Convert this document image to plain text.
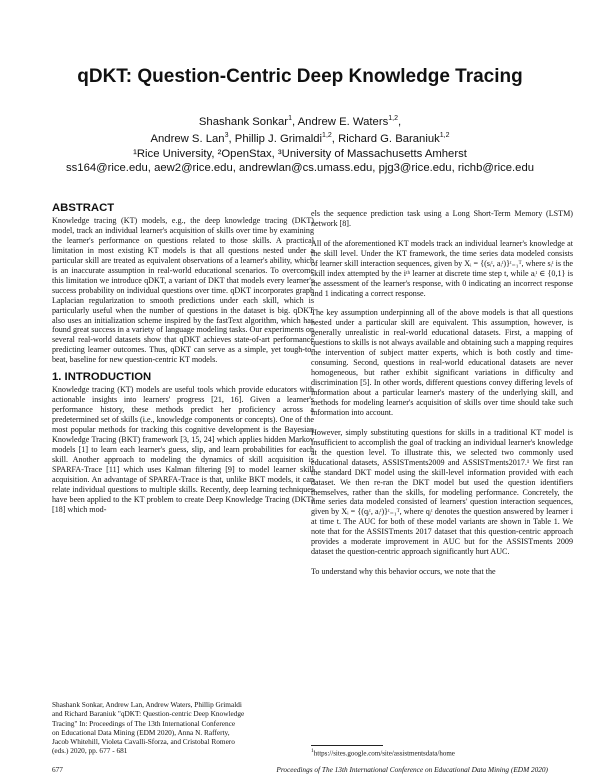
qDKT: Question-Centric Deep Knowledge Tracing
Shashank Sonkar$^1$, Andrew E. Waters$^{1,2}$,
Andrew S. Lan$^3$, Phillip J. Grimaldi$^{1,2}$, Richard G. Baraniuk$^{1,2}$
¹Rice University, ²OpenStax, ³University of Massachusetts Amherst
ss164@rice.edu, aew2@rice.edu, andrewlan@cs.umass.edu, pjg3@rice.edu, richb@rice.edu
ABSTRACT

Knowledge tracing (KT) models, e.g., the deep knowledge tracing (DKT) model, track an individual learner's acquisition of skills over time by examining the learner's performance on questions related to those skills. A practical limitation in most existing KT models is that all questions nested under a particular skill are treated as equivalent observations of a learner's ability, which is an inaccurate assumption in real-world educational scenarios. To overcome this limitation we introduce qDKT, a variant of DKT that models every learner's success probability on individual questions over time. qDKT incorporates graph Laplacian regularization to smooth predictions under each skill, which is particularly useful when the number of questions in the dataset is big. qDKT also uses an initialization scheme inspired by the fastText algorithm, which has found great success in a variety of language modeling tasks. Our experiments on several real-world datasets show that qDKT achieves state-of-art performance predicting learner outcomes. Thus, qDKT can serve as a simple, yet tough-to-beat, baseline for new question-centric KT models.

1. INTRODUCTION

Knowledge tracing (KT) models are useful tools which provide educators with actionable insights into learners' progress [21, 16]. Given a learner's performance history, these methods predict her proficiency across a predetermined set of skills (i.e., knowledge components or concepts). One of the most popular methods for tracking this cognitive development is the Bayesian Knowledge Tracing (BKT) framework [3, 15, 24] which applies hidden Markov models [1] to learn each learner's guess, slip, and learn probabilities for each skill. Another approach to modeling the dynamics of skill acquisition is SPARFA-Trace [11] which uses Kalman filtering [9] to model learner skill acquisition. An advantage of SPARFA-Trace is that, unlike BKT models, it can relate individual questions to multiple skills. Recently, deep learning techniques have been applied to the KT problem to create Deep Knowledge Tracing (DKT) [18] which mod-

els the sequence prediction task using a Long Short-Term Memory (LSTM) network [8].

All of the aforementioned KT models track an individual learner's knowledge at the skill level. Under the KT framework, the time series data modeled consists of learner skill interaction sequences, given by Xᵢ = {(sᵢᵗ, aᵢᵗ)}ᵗ₌₁ᵀ, where sᵢᵗ is the skill index attempted by the iᵗʰ learner at discrete time step t, while aᵢᵗ ∈ {0,1} is the assessment of the learner's response, with 0 indicating an incorrect response and 1 indicating a correct response.

The key assumption underpinning all of the above models is that all questions nested under a particular skill are equivalent. This assumption, however, is generally unrealistic in real-world educational datasets. First, a mapping of questions to skills is not always available and obtaining such a mapping requires the intervention of subject matter experts, which is both costly and time-consuming. Second, questions in real-world educational datasets are never homogeneous, but rather exhibit significant variations in difficulty and discrimination [5]. In other words, different questions convey differing levels of information about a particular learner's mastery of the underlying skill, and methods for modeling learner's acquisition of skills over time should take such information into account.

However, simply substituting questions for skills in a traditional KT model is insufficient to accomplish the goal of tracking an individual learner's knowledge at the question level. To illustrate this, we selected two commonly used educational datasets, ASSISTments2009 and ASSISTments2017.¹ We first ran the standard DKT model using the skill-level information provided with each dataset. We then re-ran the DKT model but used the question identifiers themselves, rather than the skills, for modeling performance. Concretely, the time series data modeled consisted of learners' question interaction sequences, given by Xᵢ = {(qᵢᵗ, aᵢᵗ)}ᵗ₌₁ᵀ, where qᵢᵗ denotes the question answered by learner i at time t. The AUC for both of these model variants are shown in Table 1. We note that for the ASSISTments 2017 dataset that this question-centric approach provides a moderate improvement in AUC but for the ASSISTments 2009 dataset the question-centric approach significantly hurt AUC.

To understand why this behavior occurs, we note that the

Shashank Sonkar, Andrew Lan, Andrew Waters, Phillip Grimaldi
and Richard Baraniuk "qDKT: Question-centric Deep Knowledge
Tracing" In: Proceedings of The 13th International Conference
on Educational Data Mining (EDM 2020), Anna N. Rafferty,
Jacob Whitehill, Violeta Cavalli-Sforza, and Cristobal Romero
(eds.) 2020, pp. 677 - 681	$^1$https://sites.google.com/site/assistmentsdata/home
677	Proceedings of The 13th International Conference on Educational Data Mining (EDM 2020)
